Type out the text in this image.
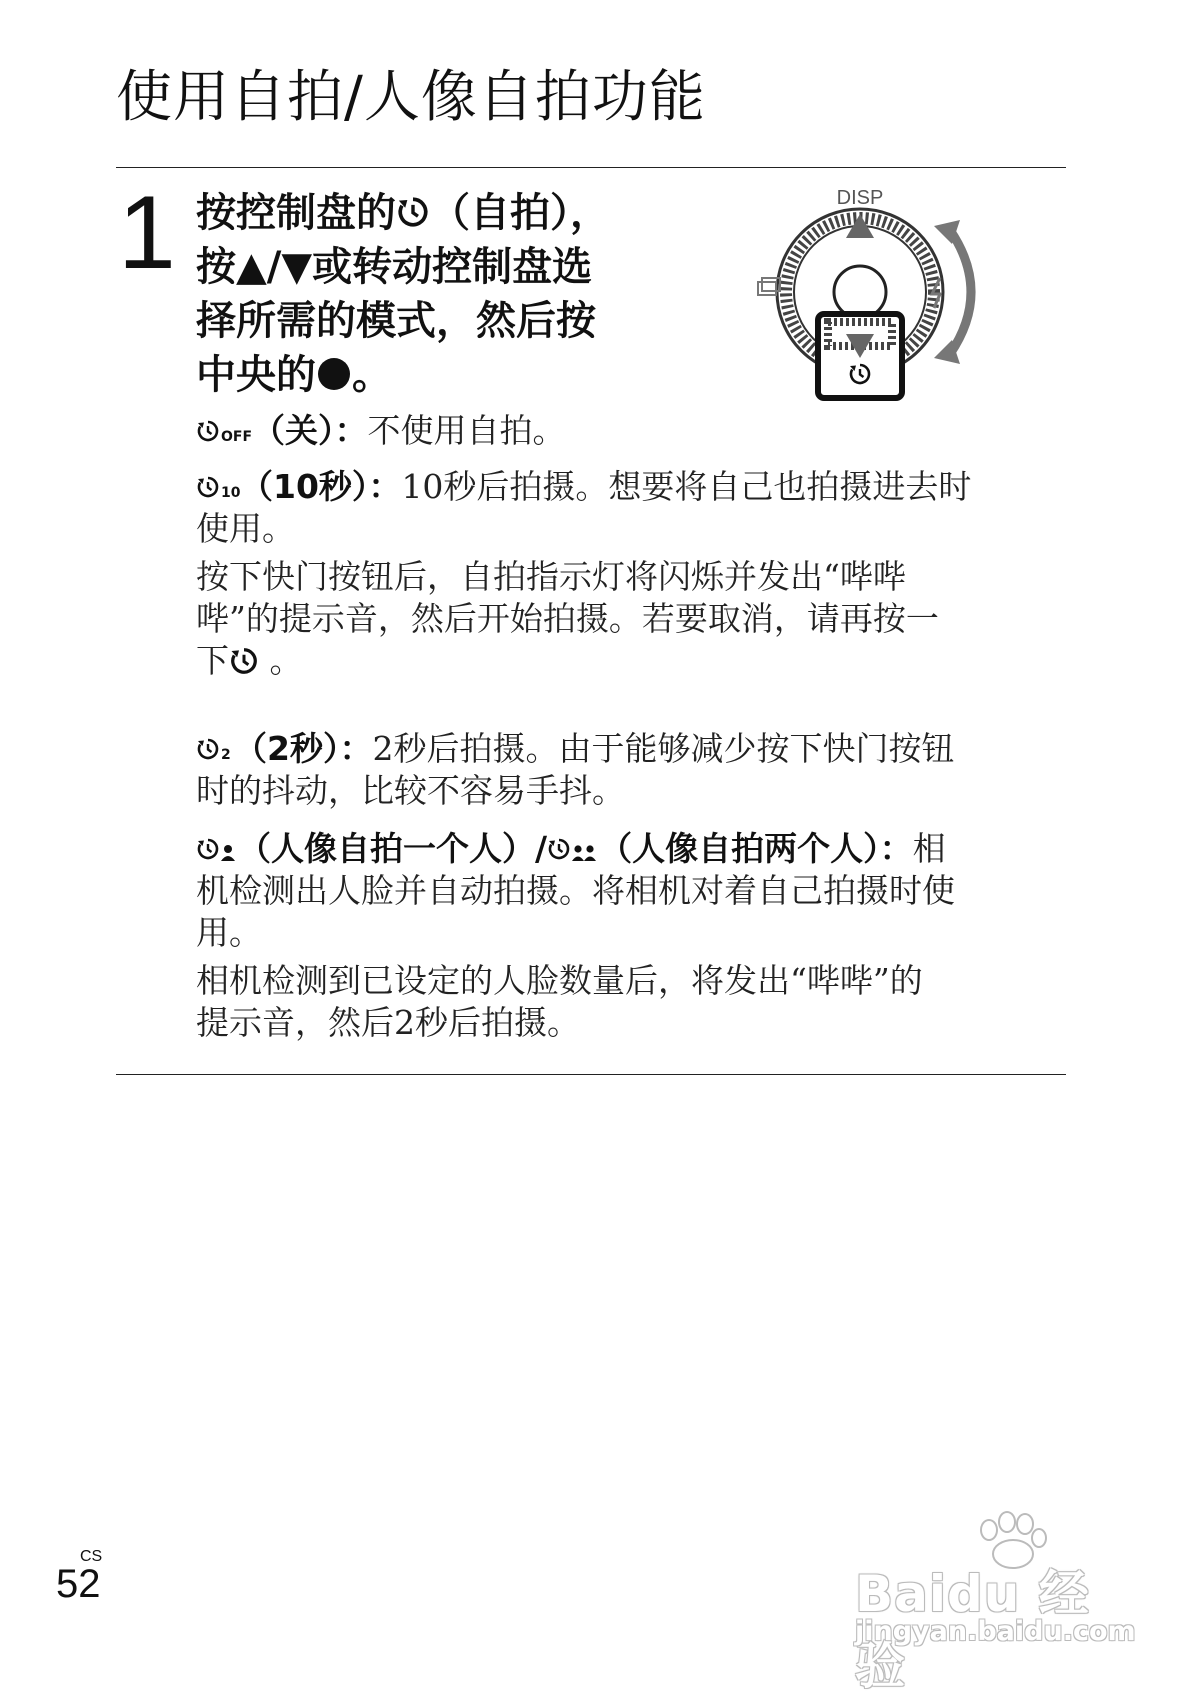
使用自拍/人像自拍功能
1 按控制盘的 （自拍），
按▲/▼或转动控制盘选
择所需的模式，然后按
中央的 。
DISP
OFF （关）：不使用自拍。
10 （10秒）：10秒后拍摄。想要将自己也拍摄进去时
使用。
按下快门按钮后，自拍指示灯将闪烁并发出“哔哔
哔”的提示音，然后开始拍摄。若要取消，请再按一
下 。
2 （2秒）：2秒后拍摄。由于能够减少按下快门按钮
时的抖动，比较不容易手抖。
（人像自拍一个人）/ （人像自拍两个人）：相
机检测出人脸并自动拍摄。将相机对着自己拍摄时使
用。
相机检测到已设定的人脸数量后，将发出“哔哔”的
提示音，然后2秒后拍摄。
CS
52	Baidu 经验
jingyan.baidu.com
